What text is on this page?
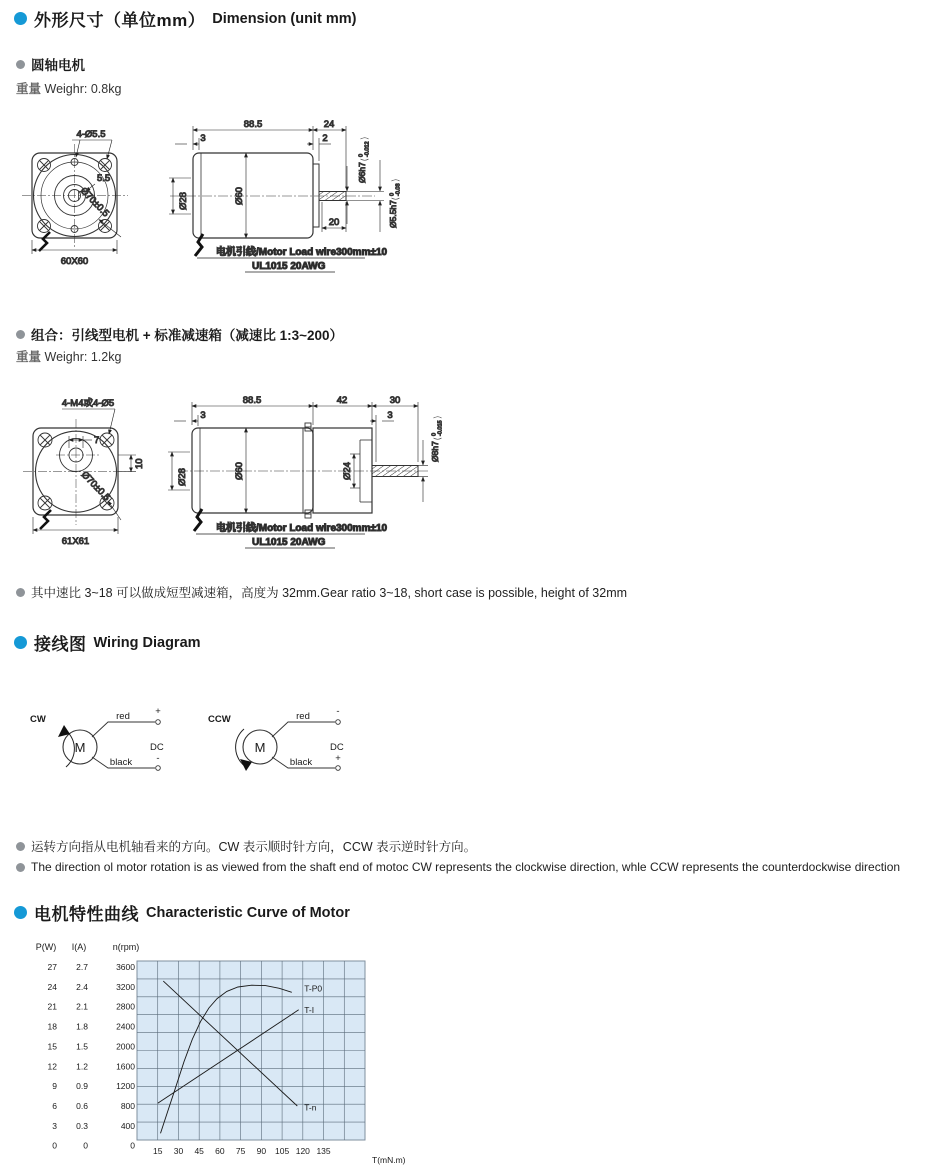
外形尺寸（单位mm） Dimension (unit mm)
圆轴电机
重量 Weighr: 0.8kg
4-Ø5.5
5.5
Ø70±0.5
60X60
88.5	24
3	2
Ø28	Ø60
20
Ø6h7
0 -0.012
Ø5.5h7
0 -0.03
电机引线/Motor Load wire300mm±10
UL1015 20AWG
组合：引线型电机 + 标准减速箱（减速比 1:3~200）
重量 Weighr: 1.2kg
4-M4或4-Ø5
7
10
Ø70±0.5
61X61
88.5	42	30
3	3
Ø28	Ø60	Ø24
Ø8h7
0 -0.015
电机引线/Motor Load wire300mm±10
UL1015 20AWG
其中速比 3~18 可以做成短型减速箱，高度为 32mm.Gear ratio 3~18, short case is possible, height of 32mm
接线图 Wiring Diagram
CW
M
red
black
+
-
DC
CCW
M
red
black
-
+
DC
运转方向指从电机轴看来的方向。CW 表示顺时针方向，CCW 表示逆时针方向。
The direction ol motor rotation is as viewed from the shaft end of motoc CW represents the clockwise direction, whle CCW represents the counterdockwise direction
电机特性曲线 Characteristic Curve of Motor
P(W)
27
24
21
18
15
12
9
6
3
0
I(A)
2.7
2.4
2.1
1.8
1.5
1.2
0.9
0.6
0.3
0
n(rpm)
3600
3200
2800
2400
2000
1600
1200
800
400
0
15 30 45 60 75 90 105 120 135
T(mN.m)
T-P0
T-I
T-n
